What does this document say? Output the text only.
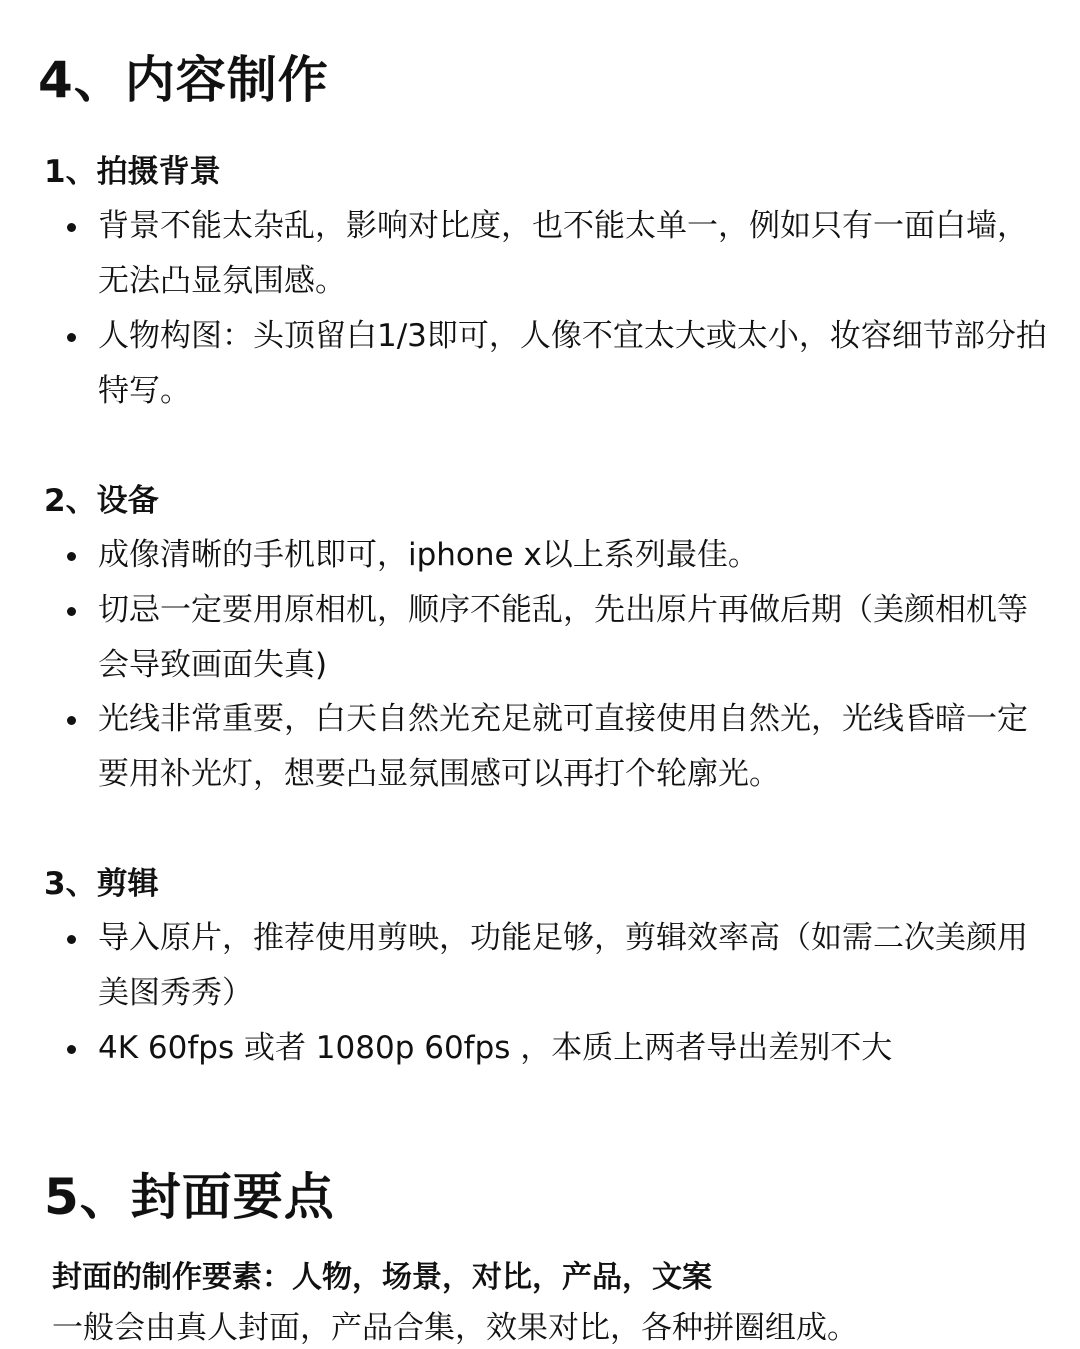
4、内容制作
1、拍摄背景
背景不能太杂乱，影响对比度，也不能太单一，例如只有一面白墙，无法凸显氛围感。
人物构图：头顶留白1/3即可，人像不宜太大或太小，妆容细节部分拍特写。
2、设备
成像清晰的手机即可，iphone x以上系列最佳。
切忌一定要用原相机，顺序不能乱，先出原片再做后期（美颜相机等会导致画面失真)
光线非常重要，白天自然光充足就可直接使用自然光，光线昏暗一定要用补光灯，想要凸显氛围感可以再打个轮廓光。
3、剪辑
导入原片，推荐使用剪映，功能足够，剪辑效率高（如需二次美颜用美图秀秀）
4K 60fps 或者 1080p 60fps ，本质上两者导出差别不大
5、封面要点
封面的制作要素：人物，场景，对比，产品，文案
一般会由真人封面，产品合集，效果对比，各种拼圈组成。
